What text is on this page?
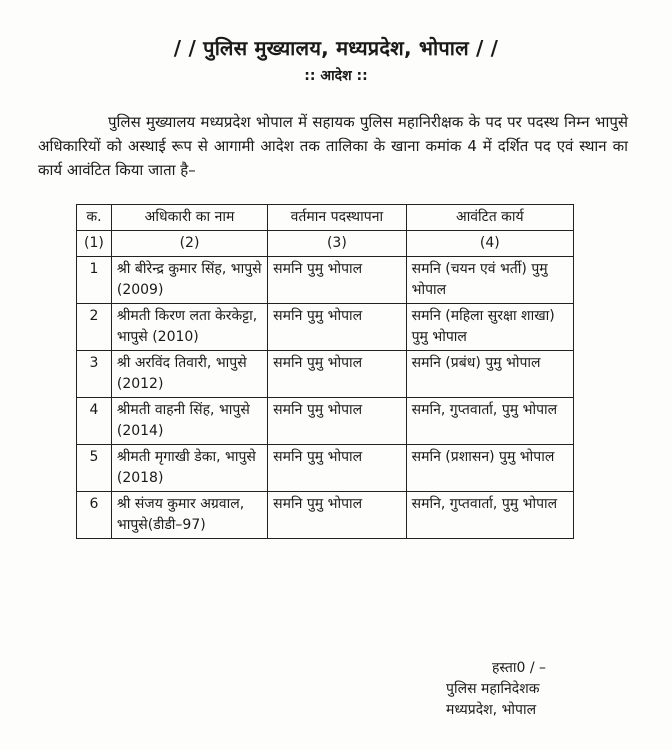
/ / पुलिस मुख्यालय, मध्यप्रदेश, भोपाल / /
:: आदेश ::
पुलिस मुख्यालय मध्यप्रदेश भोपाल में सहायक पुलिस महानिरीक्षक के पद पर पदस्थ निम्न भापुसे अधिकारियों को अस्थाई रूप से आगामी आदेश तक तालिका के खाना कमांक 4 में दर्शित पद एवं स्थान का कार्य आवंटित किया जाता है–
क.	अधिकारी का नाम	वर्तमान पदस्थापना	आवंटित कार्य
(1)	(2)	(3)	(4)
1	श्री बीरेन्द्र कुमार सिंह, भापुसे (2009)	समनि पुमु भोपाल	समनि (चयन एवं भर्ती) पुमु भोपाल
2	श्रीमती किरण लता केरकेट्टा, भापुसे (2010)	समनि पुमु भोपाल	समनि (महिला सुरक्षा शाखा) पुमु भोपाल
3	श्री अरविंद तिवारी, भापुसे (2012)	समनि पुमु भोपाल	समनि (प्रबंध) पुमु भोपाल
4	श्रीमती वाहनी सिंह, भापुसे (2014)	समनि पुमु भोपाल	समनि, गुप्तवार्ता, पुमु भोपाल
5	श्रीमती मृगाखी डेका, भापुसे (2018)	समनि पुमु भोपाल	समनि (प्रशासन) पुमु भोपाल
6	श्री संजय कुमार अग्रवाल, भापुसे(डीडी–97)	समनि पुमु भोपाल	समनि, गुप्तवार्ता, पुमु भोपाल
हस्ता0 / –
पुलिस महानिदेशक
मध्यप्रदेश, भोपाल
